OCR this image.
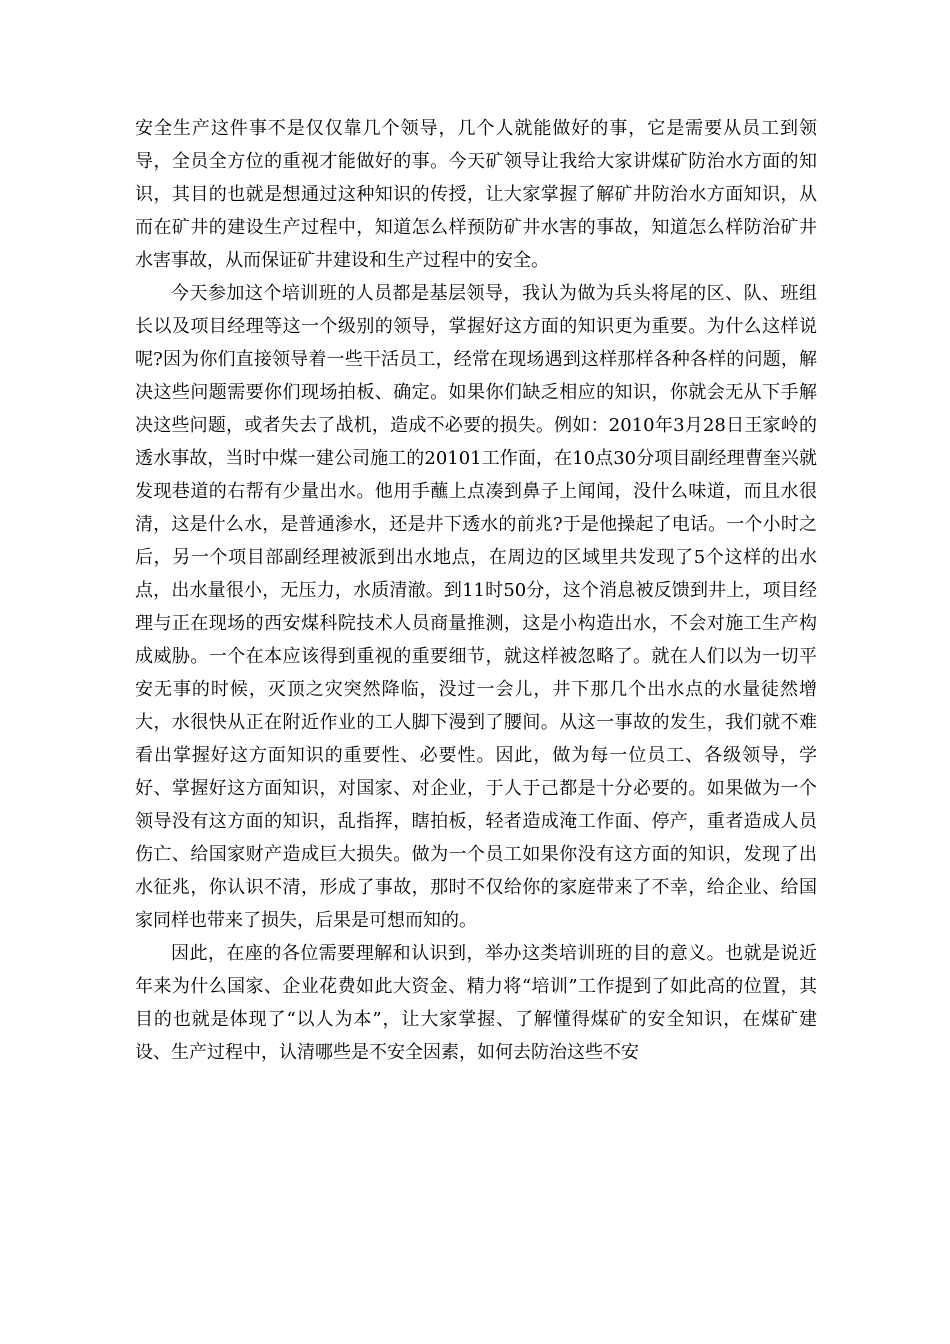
安全生产这件事不是仅仅靠几个领导，几个人就能做好的事，它是需要从员工到领导，全员全方位的重视才能做好的事。今天矿领导让我给大家讲煤矿防治水方面的知识，其目的也就是想通过这种知识的传授，让大家掌握了解矿井防治水方面知识，从而在矿井的建设生产过程中，知道怎么样预防矿井水害的事故，知道怎么样防治矿井水害事故，从而保证矿井建设和生产过程中的安全。

今天参加这个培训班的人员都是基层领导，我认为做为兵头将尾的区、队、班组长以及项目经理等这一个级别的领导，掌握好这方面的知识更为重要。为什么这样说呢?因为你们直接领导着一些干活员工，经常在现场遇到这样那样各种各样的问题，解决这些问题需要你们现场拍板、确定。如果你们缺乏相应的知识，你就会无从下手解决这些问题，或者失去了战机，造成不必要的损失。例如：2010年3月28日王家岭的透水事故，当时中煤一建公司施工的20101工作面，在10点30分项目副经理曹奎兴就发现巷道的右帮有少量出水。他用手蘸上点凑到鼻子上闻闻，没什么味道，而且水很清，这是什么水，是普通渗水，还是井下透水的前兆?于是他操起了电话。一个小时之后，另一个项目部副经理被派到出水地点，在周边的区域里共发现了5个这样的出水点，出水量很小，无压力，水质清澈。到11时50分，这个消息被反馈到井上，项目经理与正在现场的西安煤科院技术人员商量推测，这是小构造出水，不会对施工生产构成威胁。一个在本应该得到重视的重要细节，就这样被忽略了。就在人们以为一切平安无事的时候，灭顶之灾突然降临，没过一会儿，井下那几个出水点的水量徒然增大，水很快从正在附近作业的工人脚下漫到了腰间。从这一事故的发生，我们就不难看出掌握好这方面知识的重要性、必要性。因此，做为每一位员工、各级领导，学好、掌握好这方面知识，对国家、对企业，于人于己都是十分必要的。如果做为一个领导没有这方面的知识，乱指挥，瞎拍板，轻者造成淹工作面、停产，重者造成人员伤亡、给国家财产造成巨大损失。做为一个员工如果你没有这方面的知识，发现了出水征兆，你认识不清，形成了事故，那时不仅给你的家庭带来了不幸，给企业、给国家同样也带来了损失，后果是可想而知的。

因此，在座的各位需要理解和认识到，举办这类培训班的目的意义。也就是说近年来为什么国家、企业花费如此大资金、精力将“培训”工作提到了如此高的位置，其目的也就是体现了“以人为本”，让大家掌握、了解懂得煤矿的安全知识，在煤矿建设、生产过程中，认清哪些是不安全因素，如何去防治这些不安
